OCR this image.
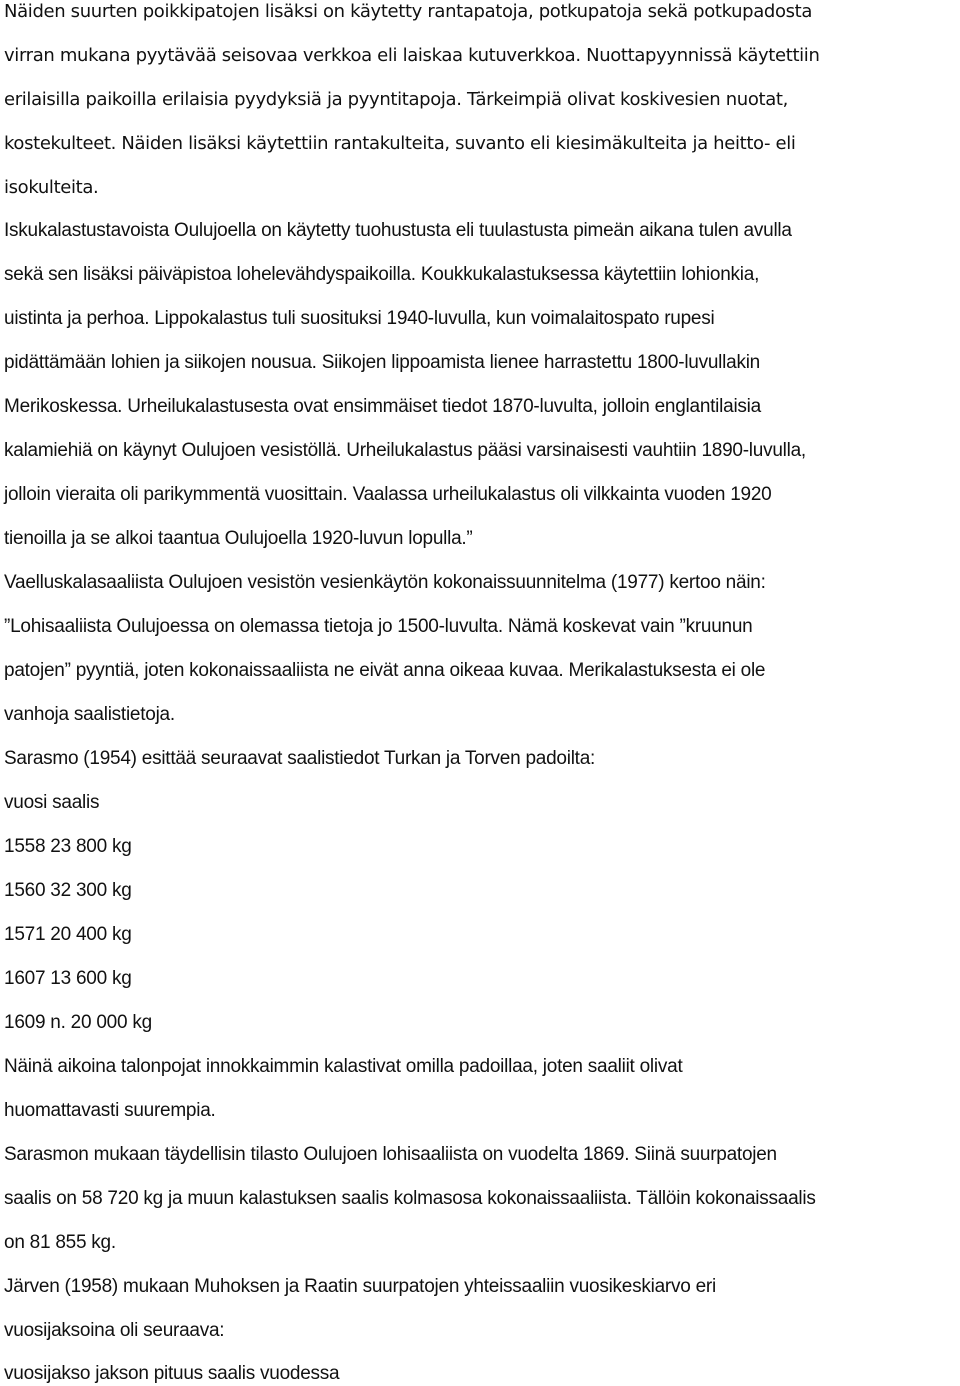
Näiden suurten poikkipatojen lisäksi on käytetty rantapatoja, potkupatoja sekä potkupadosta
virran mukana pyytävää seisovaa verkkoa eli laiskaa kutuverkkoa. Nuottapyynnissä käytettiin
erilaisilla paikoilla erilaisia pyydyksiä ja pyyntitapoja. Tärkeimpiä olivat koskivesien nuotat,
kostekulteet. Näiden lisäksi käytettiin rantakulteita, suvanto eli kiesimäkulteita ja heitto- eli
isokulteita.
Iskukalastustavoista Oulujoella on käytetty tuohustusta eli tuulastusta pimeän aikana tulen avulla
sekä sen lisäksi päiväpistoa lohelevähdyspaikoilla. Koukkukalastuksessa käytettiin lohionkia,
uistinta ja perhoa. Lippokalastus tuli suosituksi 1940-luvulla, kun voimalaitospato rupesi
pidättämään lohien ja siikojen nousua. Siikojen lippoamista lienee harrastettu 1800-luvullakin
Merikoskessa. Urheilukalastusesta ovat ensimmäiset tiedot 1870-luvulta, jolloin englantilaisia
kalamiehiä on käynyt Oulujoen vesistöllä. Urheilukalastus pääsi varsinaisesti vauhtiin 1890-luvulla,
jolloin vieraita oli parikymmentä vuosittain. Vaalassa urheilukalastus oli vilkkainta vuoden 1920
tienoilla ja se alkoi taantua Oulujoella 1920-luvun lopulla.”
Vaelluskalasaaliista Oulujoen vesistön vesienkäytön kokonaissuunnitelma (1977) kertoo näin:
”Lohisaaliista Oulujoessa on olemassa tietoja jo 1500-luvulta. Nämä koskevat vain ”kruunun
patojen” pyyntiä, joten kokonaissaaliista ne eivät anna oikeaa kuvaa. Merikalastuksesta ei ole
vanhoja saalistietoja.
Sarasmo (1954) esittää seuraavat saalistiedot Turkan ja Torven padoilta:
vuosi saalis
1558 23 800 kg
1560 32 300 kg
1571 20 400 kg
1607 13 600 kg
1609 n. 20 000 kg
Näinä aikoina talonpojat innokkaimmin kalastivat omilla padoillaa, joten saaliit olivat
huomattavasti suurempia.
Sarasmon mukaan täydellisin tilasto Oulujoen lohisaaliista on vuodelta 1869. Siinä suurpatojen
saalis on 58 720 kg ja muun kalastuksen saalis kolmasosa kokonaissaaliista. Tällöin kokonaissaalis
on 81 855 kg.
Järven (1958) mukaan Muhoksen ja Raatin suurpatojen yhteissaaliin vuosikeskiarvo eri
vuosijaksoina oli seuraava:
vuosijakso jakson pituus saalis vuodessa
